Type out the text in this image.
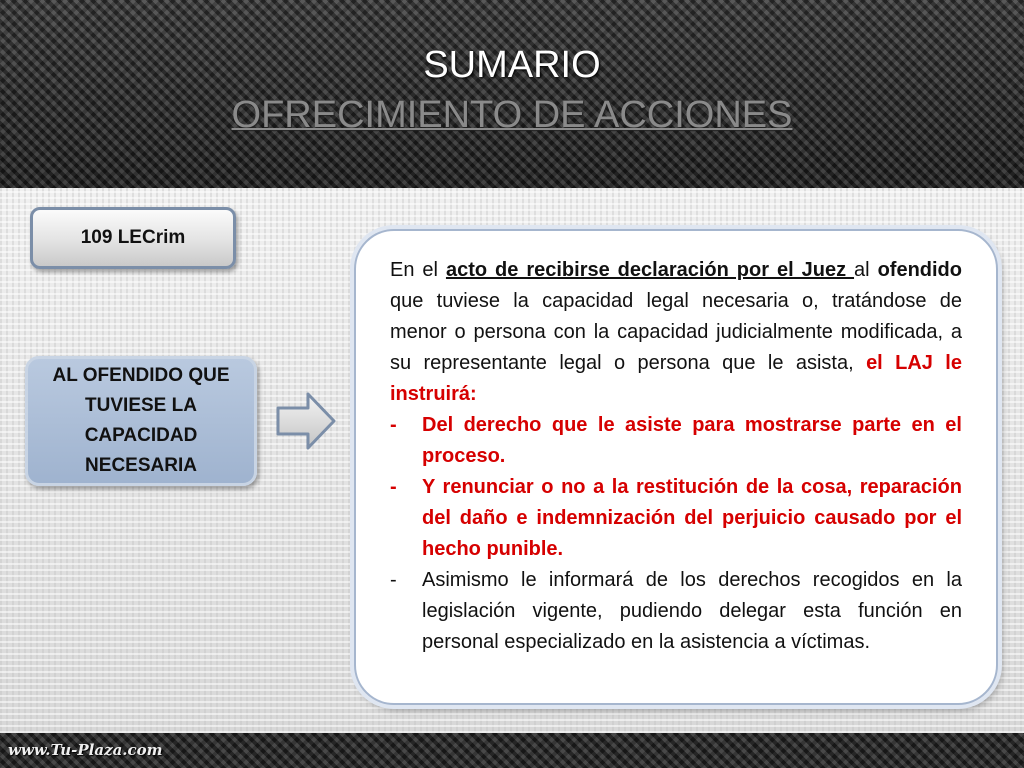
SUMARIO
OFRECIMIENTO DE ACCIONES
109 LECrim
AL OFENDIDO QUE TUVIESE LA CAPACIDAD NECESARIA

En el acto de recibirse declaración por el Juez al ofendido que tuviese la capacidad legal necesaria o, tratándose de menor o persona con la capacidad judicialmente modificada, a su representante legal o persona que le asista, el LAJ le instruirá:

- Del derecho que le asiste para mostrarse parte en el proceso.
- Y renunciar o no a la restitución de la cosa, reparación del daño e indemnización del perjuicio causado por el hecho punible.
- Asimismo le informará de los derechos recogidos en la legislación vigente, pudiendo delegar esta función en personal especializado en la asistencia a víctimas.
www.Tu-Plaza.com
